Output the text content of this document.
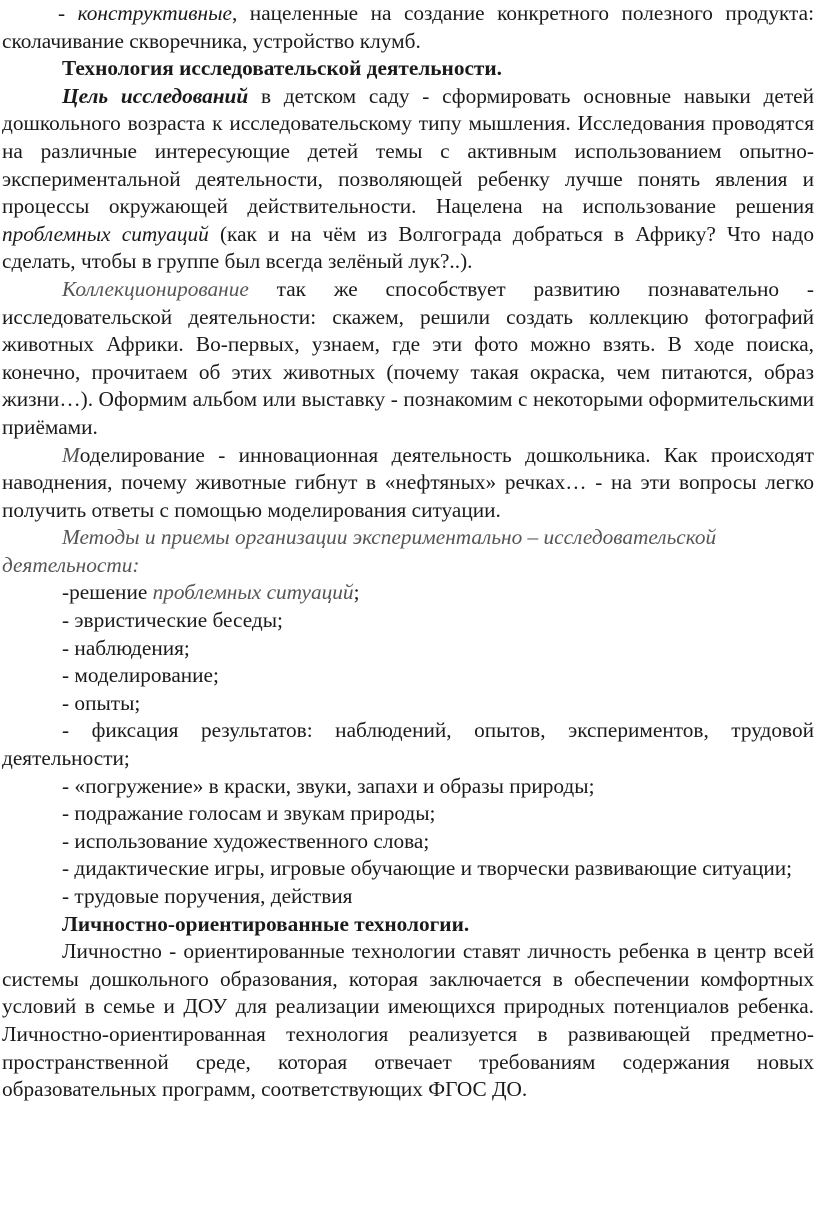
- конструктивные, нацеленные на создание конкретного полезного продукта: сколачивание скворечника, устройство клумб.

Технология исследовательской деятельности.

Цель исследований в детском саду - сформировать основные навыки детей дошкольного возраста к исследовательскому типу мышления. Исследования проводятся на различные интересующие детей темы с активным использованием опытно-экспериментальной деятельности, позволяющей ребенку лучше понять явления и процессы окружающей действительности. Нацелена на использование решения проблемных ситуаций (как и на чём из Волгограда добраться в Африку? Что надо сделать, чтобы в группе был всегда зелёный лук?..).

Коллекционирование так же способствует развитию познавательно - исследовательской деятельности: скажем, решили создать коллекцию фотографий животных Африки. Во-первых, узнаем, где эти фото можно взять. В ходе поиска, конечно, прочитаем об этих животных (почему такая окраска, чем питаются, образ жизни…). Оформим альбом или выставку - познакомим с некоторыми оформительскими приёмами.

Моделирование - инновационная деятельность дошкольника. Как происходят наводнения, почему животные гибнут в «нефтяных» речках… - на эти вопросы легко получить ответы с помощью моделирования ситуации.

Методы и приемы организации экспериментально – исследовательской деятельности:

-решение проблемных ситуаций;

- эвристические беседы;

- наблюдения;

- моделирование;

- опыты;

- фиксация результатов: наблюдений, опытов, экспериментов, трудовой деятельности;

- «погружение» в краски, звуки, запахи и образы природы;

- подражание голосам и звукам природы;

- использование художественного слова;

- дидактические игры, игровые обучающие и творчески развивающие ситуации;

- трудовые поручения, действия

Личностно-ориентированные технологии.

Личностно - ориентированные технологии ставят личность ребенка в центр всей системы дошкольного образования, которая заключается в обеспечении комфортных условий в семье и ДОУ для реализации имеющихся природных потенциалов ребенка. Личностно-ориентированная технология реализуется в развивающей предметно-пространственной среде, которая отвечает требованиям содержания новых образовательных программ, соответствующих ФГОС ДО.
